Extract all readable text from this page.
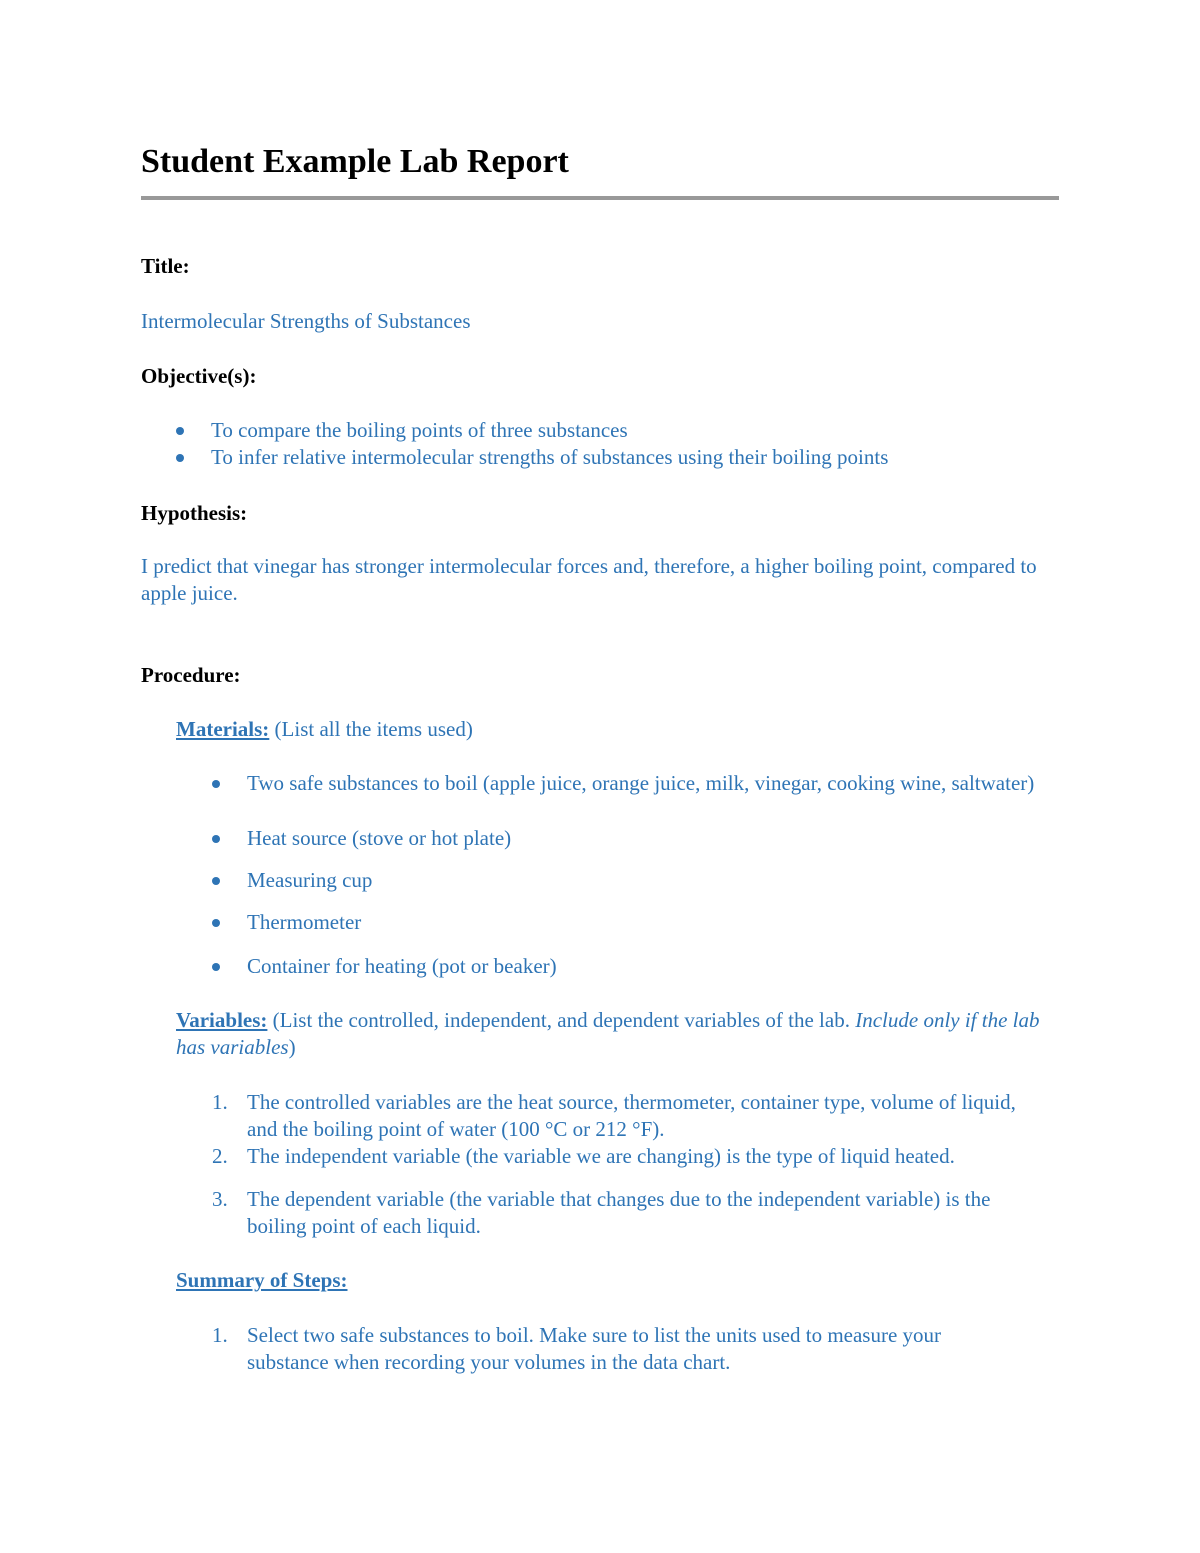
Student Example Lab Report
Title:
Intermolecular Strengths of Substances
Objective(s):
To compare the boiling points of three substances
To infer relative intermolecular strengths of substances using their boiling points
Hypothesis:
I predict that vinegar has stronger intermolecular forces and, therefore, a higher boiling point, compared to apple juice.
Procedure:
Materials: (List all the items used)
Two safe substances to boil (apple juice, orange juice, milk, vinegar, cooking wine, saltwater)
Heat source (stove or hot plate)
Measuring cup
Thermometer
Container for heating (pot or beaker)
Variables: (List the controlled, independent, and dependent variables of the lab. Include only if the lab has variables)
1. The controlled variables are the heat source, thermometer, container type, volume of liquid, and the boiling point of water (100 °C or 212 °F).
2. The independent variable (the variable we are changing) is the type of liquid heated.
3. The dependent variable (the variable that changes due to the independent variable) is the boiling point of each liquid.
Summary of Steps:
1. Select two safe substances to boil. Make sure to list the units used to measure your substance when recording your volumes in the data chart.
